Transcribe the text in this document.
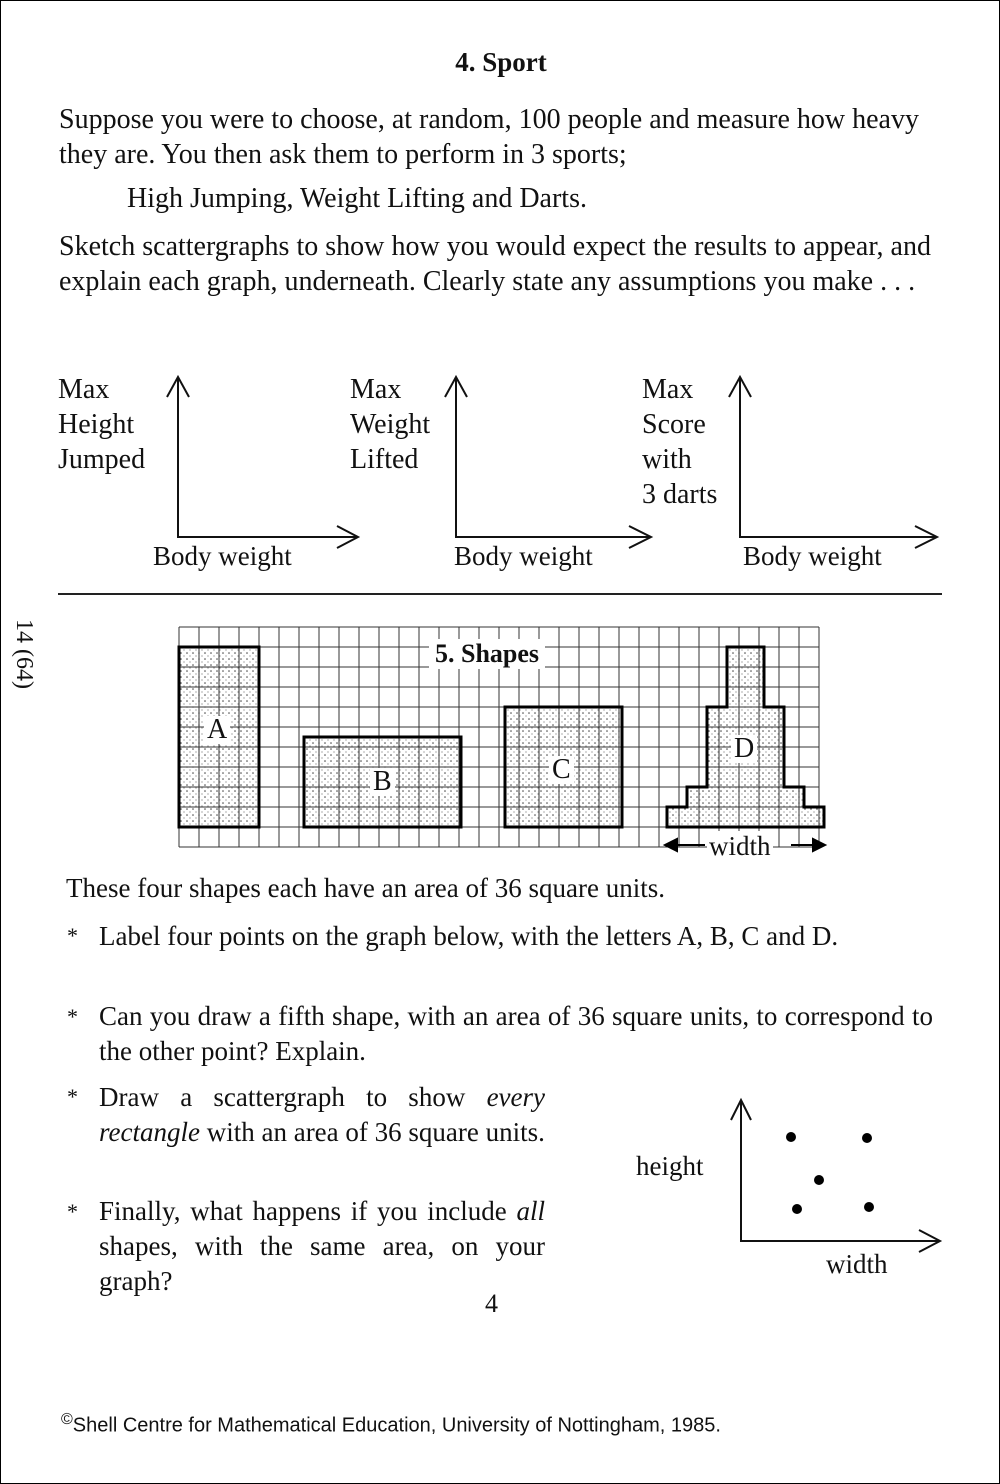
14 (64)
4. Sport
Suppose you were to choose, at random, 100 people and measure how heavy they are. You then ask them to perform in 3 sports;
High Jumping, Weight Lifting and Darts.
Sketch scattergraphs to show how you would expect the results to appear, and explain each graph, underneath. Clearly state any assumptions you make . . .
Max
Height
Jumped
Body weight
Max
Weight
Lifted
Body weight
Max
Score
with
3 darts
Body weight
5. Shapes
A
B	C
D
width
These four shapes each have an area of 36 square units.
* Label four points on the graph below, with the letters A, B, C and D.
* Can you draw a fifth shape, with an area of 36 square units, to correspond to the other point? Explain.
* Draw a scattergraph to show every rectangle with an area of 36 square units.
* Finally, what happens if you include all shapes, with the same area, on your graph?
height
width
4
©Shell Centre for Mathematical Education, University of Nottingham, 1985.
